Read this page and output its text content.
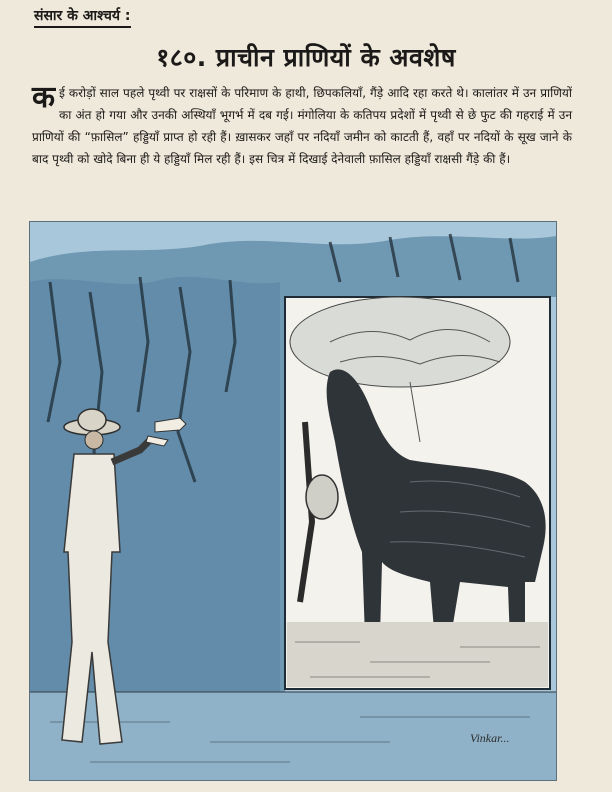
संसार के आश्चर्य :
१८०. प्राचीन प्राणियों के अवशेष
कई करोड़ों साल पहले पृथ्वी पर राक्षसों के परिमाण के हाथी, छिपकलियाँ, गैंड़े आदि रहा करते थे। कालांतर में उन प्राणियों का अंत हो गया और उनकी अस्थियाँ भूगर्भ में दब गई। मंगोलिया के कतिपय प्रदेशों में पृथ्वी से छे फुट की गहराई में उन प्राणियों की “फ़ासिल” हड्डियाँ प्राप्त हो रही हैं। ख़ासकर जहाँ पर नदियाँ जमीन को काटती हैं, वहाँ पर नदियों के सूख जाने के बाद पृथ्वी को खोदे बिना ही ये हड्डियाँ मिल रही हैं। इस चित्र में दिखाई देनेवाली फ़ासिल हड्डियाँ राक्षसी गैंड़े की हैं।
Vinkar...
